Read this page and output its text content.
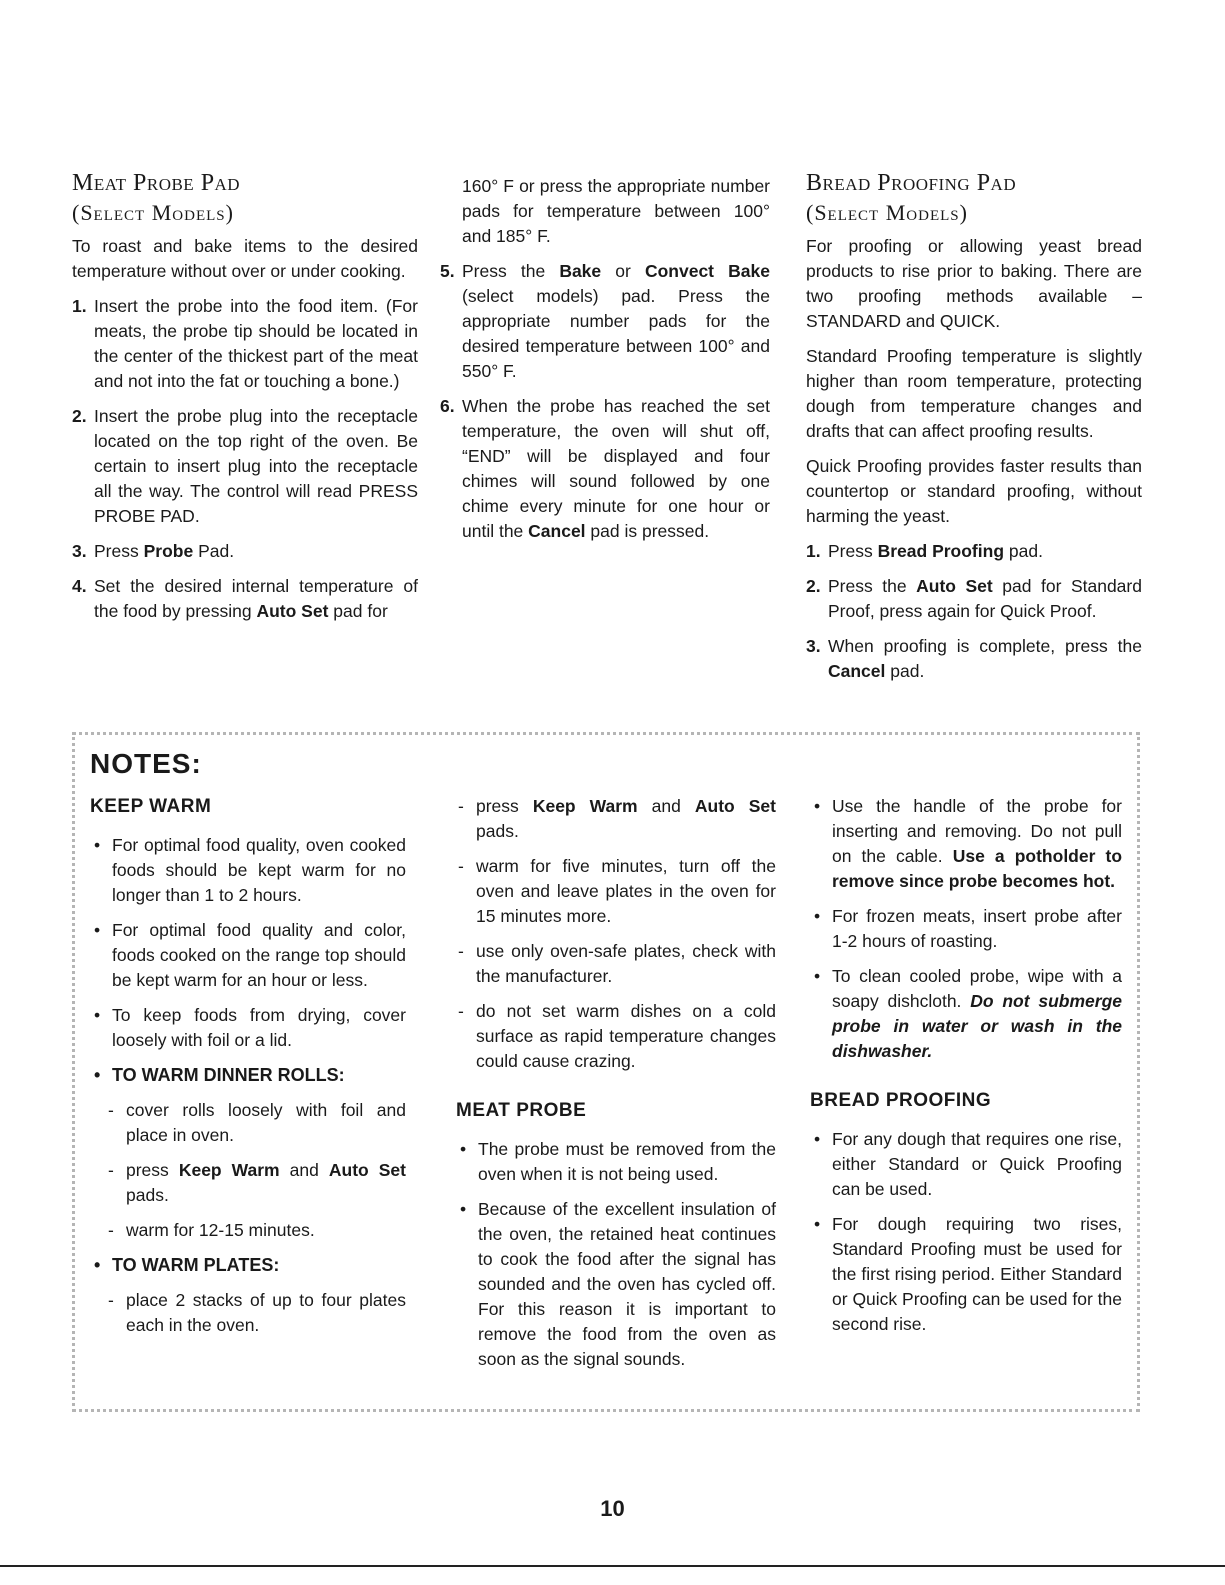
Meat Probe Pad
(Select Models)

To roast and bake items to the desired temperature without over or under cooking.

1. Insert the probe into the food item. (For meats, the probe tip should be located in the center of the thickest part of the meat and not into the fat or touching a bone.)
2. Insert the probe plug into the receptacle located on the top right of the oven. Be certain to insert plug into the receptacle all the way. The control will read PRESS PROBE PAD.
3. Press Probe Pad.
4. Set the desired internal temperature of the food by pressing Auto Set pad for

160° F or press the appropriate number pads for temperature between 100° and 185° F.

5. Press the Bake or Convect Bake (select models) pad. Press the appropriate number pads for the desired temperature between 100° and 550° F.
6. When the probe has reached the set temperature, the oven will shut off, “END” will be displayed and four chimes will sound followed by one chime every minute for one hour or until the Cancel pad is pressed.
Bread Proofing Pad
(Select Models)

For proofing or allowing yeast bread products to rise prior to baking. There are two proofing methods available – STANDARD and QUICK.

Standard Proofing temperature is slightly higher than room temperature, protecting dough from temperature changes and drafts that can affect proofing results.

Quick Proofing provides faster results than countertop or standard proofing, without harming the yeast.

1. Press Bread Proofing pad.
2. Press the Auto Set pad for Standard Proof, press again for Quick Proof.
3. When proofing is complete, press the Cancel pad.
NOTES:
KEEP WARM
• For optimal food quality, oven cooked foods should be kept warm for no longer than 1 to 2 hours.
• For optimal food quality and color, foods cooked on the range top should be kept warm for an hour or less.
• To keep foods from drying, cover loosely with foil or a lid.
• TO WARM DINNER ROLLS:
- cover rolls loosely with foil and place in oven.
- press Keep Warm and Auto Set pads.
- warm for 12-15 minutes.
• TO WARM PLATES:
- place 2 stacks of up to four plates each in the oven.
- press Keep Warm and Auto Set pads.
- warm for five minutes, turn off the oven and leave plates in the oven for 15 minutes more.
- use only oven-safe plates, check with the manufacturer.
- do not set warm dishes on a cold surface as rapid temperature changes could cause crazing.
MEAT PROBE
• The probe must be removed from the oven when it is not being used.
• Because of the excellent insulation of the oven, the retained heat continues to cook the food after the signal has sounded and the oven has cycled off. For this reason it is important to remove the food from the oven as soon as the signal sounds.
• Use the handle of the probe for inserting and removing. Do not pull on the cable. Use a potholder to remove since probe becomes hot.
• For frozen meats, insert probe after 1-2 hours of roasting.
• To clean cooled probe, wipe with a soapy dishcloth. Do not submerge probe in water or wash in the dishwasher.
BREAD PROOFING
• For any dough that requires one rise, either Standard or Quick Proofing can be used.
• For dough requiring two rises, Standard Proofing must be used for the first rising period. Either Standard or Quick Proofing can be used for the second rise.
10
